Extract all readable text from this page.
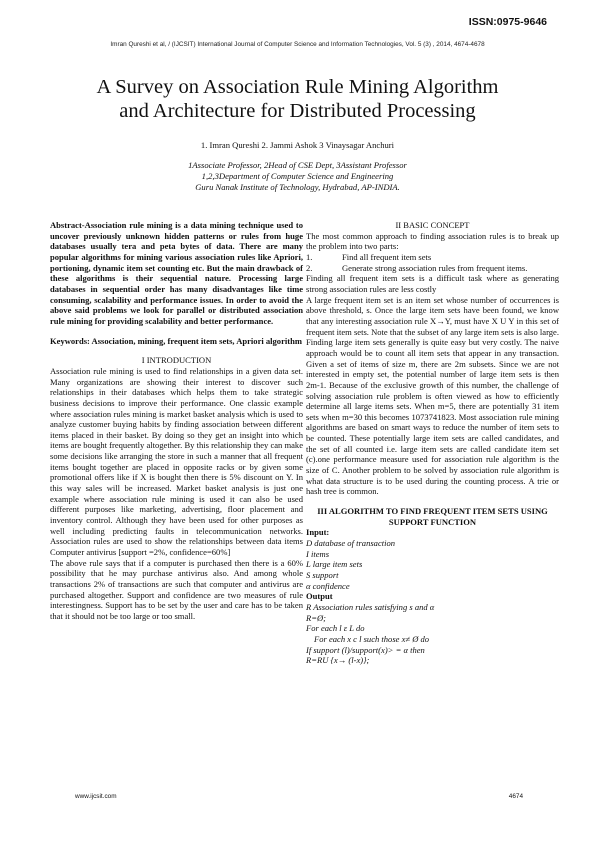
ISSN:0975-9646
Imran Qureshi et al, / (IJCSIT) International Journal of Computer Science and Information Technologies, Vol. 5 (3) , 2014, 4674-4678
A Survey on Association Rule Mining Algorithm
and Architecture for Distributed Processing
1. Imran Qureshi 2. Jammi Ashok 3 Vinaysagar Anchuri
1Associate Professor, 2Head of CSE Dept, 3Assistant Professor
1,2,3Department of Computer Science and Engineering
Guru Nanak Institute of Technology, Hydrabad, AP-INDIA.

Abstract-Association rule mining is a data mining technique used to uncover previously unknown hidden patterns or rules from huge databases usually tera and peta bytes of data. There are many popular algorithms for mining various association rules like Apriori, portioning, dynamic item set counting etc. But the main drawback of these algorithms is their sequential nature. Processing large databases in sequential order has many disadvantages like time consuming, scalability and performance issues. In order to avoid the above said problems we look for parallel or distributed association rule mining for providing scalability and better performance.

Keywords: Association, mining, frequent item sets, Apriori algorithm

I INTRODUCTION

Association rule mining is used to find relationships in a given data set. Many organizations are showing their interest to discover such relationships in their databases which helps them to take strategic business decisions to improve their performance. One classic example where association rules mining is market basket analysis which is used to analyze customer buying habits by finding association between different items placed in their basket. By doing so they get an insight into which items are bought frequently altogether. By this relationship they can make some decisions like arranging the store in such a manner that all frequent items bought together are placed in opposite racks or by given some promotional offers like if X is bought then there is 5% discount on Y. In this way sales will be increased. Market basket analysis is just one example where association rule mining is used it can also be used different purposes like marketing, advertising, floor placement and inventory control. Although they have been used for other purposes as well including predicting faults in telecommunication networks. Association rules are used to show the relationships between data items Computer antivirus [support =2%, confidence=60%]

The above rule says that if a computer is purchased then there is a 60% possibility that he may purchase antivirus also. And among whole transactions 2% of transactions are such that computer and antivirus are purchased altogether. Support and confidence are two measures of rule interestingness. Support has to be set by the user and care has to be taken that it should not be too large or too small.

II BASIC CONCEPT

The most common approach to finding association rules is to break up the problem into two parts:

1.	Find all frequent item sets
2.	Generate strong association rules from frequent items.

Finding all frequent item sets is a difficult task where as generating strong association rules are less costly

A large frequent item set is an item set whose number of occurrences is above threshold, s. Once the large item sets have been found, we know that any interesting association rule X→Y, must have X U Y in this set of frequent item sets. Note that the subset of any large item sets is also large. Finding large item sets generally is quite easy but very costly. The naive approach would be to count all item sets that appear in any transaction. Given a set of items of size m, there are 2m subsets. Since we are not interested in empty set, the potential number of large item sets is then 2m-1. Because of the exclusive growth of this number, the challenge of solving association rule problem is often viewed as how to efficiently determine all large items sets. When m=5, there are potentially 31 item sets when m=30 this becomes 1073741823. Most association rule mining algorithms are based on smart ways to reduce the number of item sets to be counted. These potentially large item sets are called candidates, and the set of all counted i.e. large item sets are called candidate item set (c).one performance measure used for association rule algorithm is the size of C. Another problem to be solved by association rule algorithm is what data structure is to be used during the counting process. A trie or hash tree is common.

III ALGORITHM TO FIND FREQUENT ITEM SETS USING

SUPPORT FUNCTION

Input:

D database of transaction

I items

L large item sets

S support

α confidence

Output

R Association rules satisfying s and α

R=Ø;

For each l ε L do

For each x c l such those x≠ Ø do

If support (l)/support(x)> = α then

R=RU {x→ (l-x)};

www.ijcsit.com	4674
